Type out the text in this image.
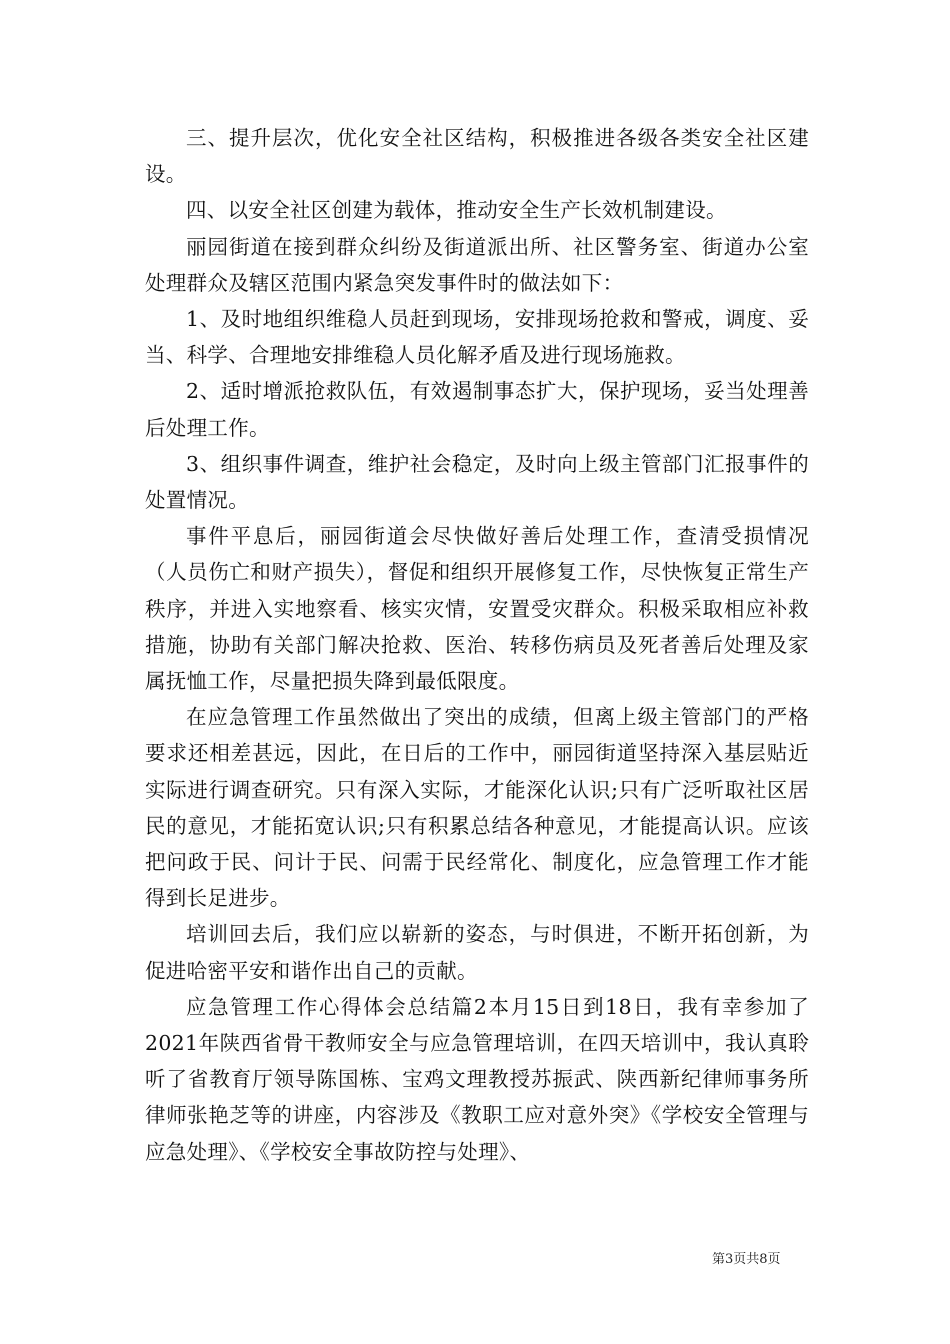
三、提升层次，优化安全社区结构，积极推进各级各类安全社区建设。

四、以安全社区创建为载体，推动安全生产长效机制建设。

丽园街道在接到群众纠纷及街道派出所、社区警务室、街道办公室处理群众及辖区范围内紧急突发事件时的做法如下：

1、及时地组织维稳人员赶到现场，安排现场抢救和警戒，调度、妥当、科学、合理地安排维稳人员化解矛盾及进行现场施救。

2、适时增派抢救队伍，有效遏制事态扩大，保护现场，妥当处理善后处理工作。

3、组织事件调查，维护社会稳定，及时向上级主管部门汇报事件的处置情况。

事件平息后，丽园街道会尽快做好善后处理工作，查清受损情况（人员伤亡和财产损失），督促和组织开展修复工作，尽快恢复正常生产秩序，并进入实地察看、核实灾情，安置受灾群众。积极采取相应补救措施，协助有关部门解决抢救、医治、转移伤病员及死者善后处理及家属抚恤工作，尽量把损失降到最低限度。

在应急管理工作虽然做出了突出的成绩，但离上级主管部门的严格要求还相差甚远，因此，在日后的工作中，丽园街道坚持深入基层贴近实际进行调查研究。只有深入实际，才能深化认识;只有广泛听取社区居民的意见，才能拓宽认识;只有积累总结各种意见，才能提高认识。应该把问政于民、问计于民、问需于民经常化、制度化，应急管理工作才能得到长足进步。

培训回去后，我们应以崭新的姿态，与时俱进，不断开拓创新，为促进哈密平安和谐作出自己的贡献。

应急管理工作心得体会总结篇2本月15日到18日，我有幸参加了2021年陕西省骨干教师安全与应急管理培训，在四天培训中，我认真聆听了省教育厅领导陈国栋、宝鸡文理教授苏振武、陕西新纪律师事务所律师张艳芝等的讲座，内容涉及《教职工应对意外突》《学校安全管理与应急处理》、《学校安全事故防控与处理》、

第3页共8页
